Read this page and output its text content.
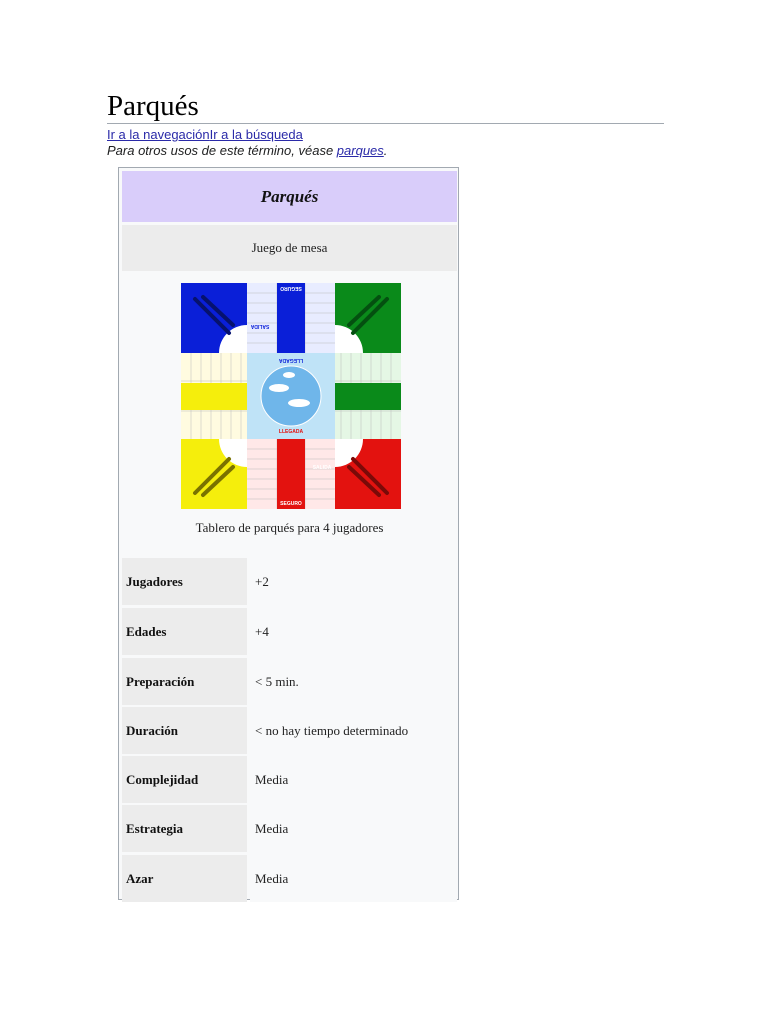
Parqués
Ir a la navegaciónIr a la búsqueda
Para otros usos de este término, véase parques.
Parqués
Juego de mesa
SEGURO
SEGURO
SALIDA
SALIDA
LLEGADA
LLEGADA
Tablero de parqués para 4 jugadores
Jugadores	+2
Edades	+4
Preparación	< 5 min.
Duración	< no hay tiempo determinado
Complejidad	Media
Estrategia	Media
Azar	Media
